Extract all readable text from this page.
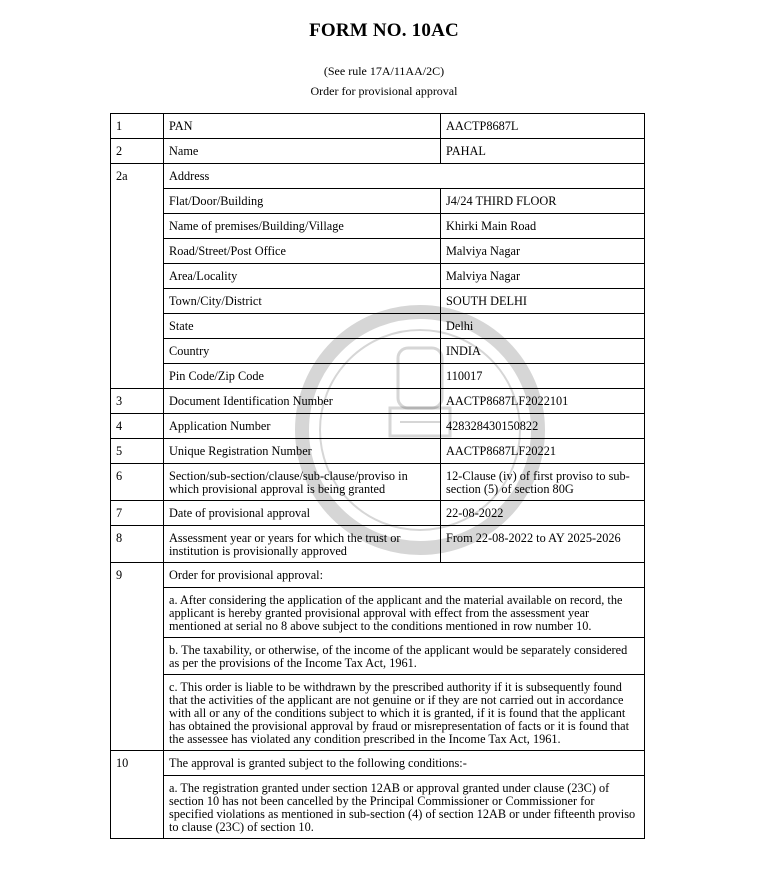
FORM NO. 10AC
(See rule 17A/11AA/2C)
Order for provisional approval
1	PAN	AACTP8687L
2	Name	PAHAL
2a	Address	
	Flat/Door/Building	J4/24 THIRD FLOOR
	Name of premises/Building/Village	Khirki Main Road
	Road/Street/Post Office	Malviya Nagar
	Area/Locality	Malviya Nagar
	Town/City/District	SOUTH DELHI
	State	Delhi
	Country	INDIA
	Pin Code/Zip Code	110017
3	Document Identification Number	AACTP8687LF2022101
4	Application Number	428328430150822
5	Unique Registration Number	AACTP8687LF20221
6	Section/sub-section/clause/sub-clause/proviso in which provisional approval is being granted	12-Clause (iv) of first proviso to sub-section (5) of section 80G
7	Date of provisional approval	22-08-2022
8	Assessment year or years for which the trust or institution is provisionally approved	From 22-08-2022 to AY 2025-2026
9	Order for provisional approval:	
	a. After considering the application of the applicant and the material available on record, the applicant is hereby granted provisional approval with effect from the assessment year mentioned at serial no 8 above subject to the conditions mentioned in row number 10.	
	b. The taxability, or otherwise, of the income of the applicant would be separately considered as per the provisions of the Income Tax Act, 1961.	
	c. This order is liable to be withdrawn by the prescribed authority if it is subsequently found that the activities of the applicant are not genuine or if they are not carried out in accordance with all or any of the conditions subject to which it is granted, if it is found that the applicant has obtained the provisional approval by fraud or misrepresentation of facts or it is found that the assessee has violated any condition prescribed in the Income Tax Act, 1961.	
10	The approval is granted subject to the following conditions:-	
	a. The registration granted under section 12AB or approval granted under clause (23C) of section 10 has not been cancelled by the Principal Commissioner or Commissioner for specified violations as mentioned in sub-section (4) of section 12AB or under fifteenth proviso to clause (23C) of section 10.	
